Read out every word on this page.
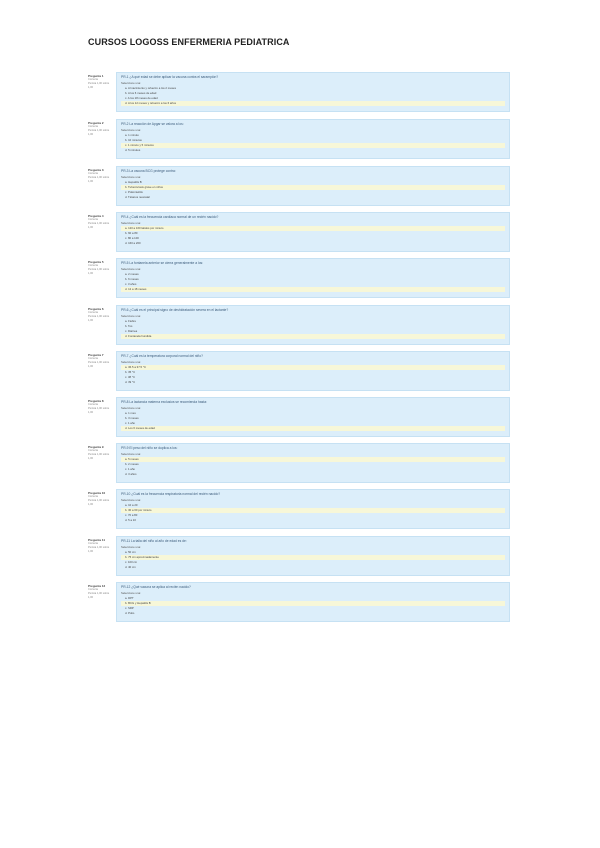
CURSOS LOGOSS ENFERMERIA PEDIATRICA
Pregunta 1
Correcta
Puntúa 1,00 sobre 1,00
PR-1 ¿A qué edad se debe aplicar la vacuna contra el sarampión?
Seleccione una:
a. Al nacimiento y refuerzo a los 2 meses
b. A los 6 meses de edad
c. A los 18 meses de edad
d. A los 12 meses y refuerzo a los 6 años
Pregunta 2
Correcta
Puntúa 1,00 sobre 1,00
PR-2 La reacción de Apgar se valora a los:
Seleccione una:
a. 1 minuto
b. 10 minutos
c. 1 minuto y 5 minutos
d. 5 minutos
Pregunta 3
Correcta
Puntúa 1,00 sobre 1,00
PR-3 La vacuna BCG protege contra:
Seleccione una:
a. Hepatitis B
b. Tuberculosis grave en niños
c. Poliomielitis
d. Tétanos neonatal
Pregunta 4
Correcta
Puntúa 1,00 sobre 1,00
PR-4 ¿Cuál es la frecuencia cardíaca normal de un recién nacido?
Seleccione una:
a. 120 a 160 latidos por minuto
b. 60 a 80
c. 80 a 100
d. 160 a 200
Pregunta 5
Correcta
Puntúa 1,00 sobre 1,00
PR-5 La fontanela anterior se cierra generalmente a los:
Seleccione una:
a. 2 meses
b. 6 meses
c. 3 años
d. 12 a 18 meses
Pregunta 6
Correcta
Puntúa 1,00 sobre 1,00
PR-6 ¿Cuál es el principal signo de deshidratación severa en el lactante?
Seleccione una:
a. Fiebre
b. Tos
c. Diarrea
d. Fontanela hundida
Pregunta 7
Correcta
Puntúa 1,00 sobre 1,00
PR-7 ¿Cuál es la temperatura corporal normal del niño?
Seleccione una:
a. 36.5 a 37.5 °C
b. 35 °C
c. 38 °C
d. 39 °C
Pregunta 8
Correcta
Puntúa 1,00 sobre 1,00
PR-8 La lactancia materna exclusiva se recomienda hasta:
Seleccione una:
a. 1 mes
b. 3 meses
c. 1 año
d. Los 6 meses de edad
Pregunta 9
Correcta
Puntúa 1,00 sobre 1,00
PR-9 El peso del niño se duplica a los:
Seleccione una:
a. 5 meses
b. 2 meses
c. 1 año
d. 3 años
Pregunta 10
Correcta
Puntúa 1,00 sobre 1,00
PR-10 ¿Cuál es la frecuencia respiratoria normal del recién nacido?
Seleccione una:
a. 10 a 20
b. 30 a 60 por minuto
c. 70 a 80
d. 5 a 10
Pregunta 11
Correcta
Puntúa 1,00 sobre 1,00
PR-11 La talla del niño al año de edad es de:
Seleccione una:
a. 50 cm
b. 75 cm aproximadamente
c. 100 cm
d. 40 cm
Pregunta 12
Correcta
Puntúa 1,00 sobre 1,00
PR-12 ¿Qué vacuna se aplica al recién nacido?
Seleccione una:
a. DPT
b. BCG y Hepatitis B
c. SRP
d. Polio
